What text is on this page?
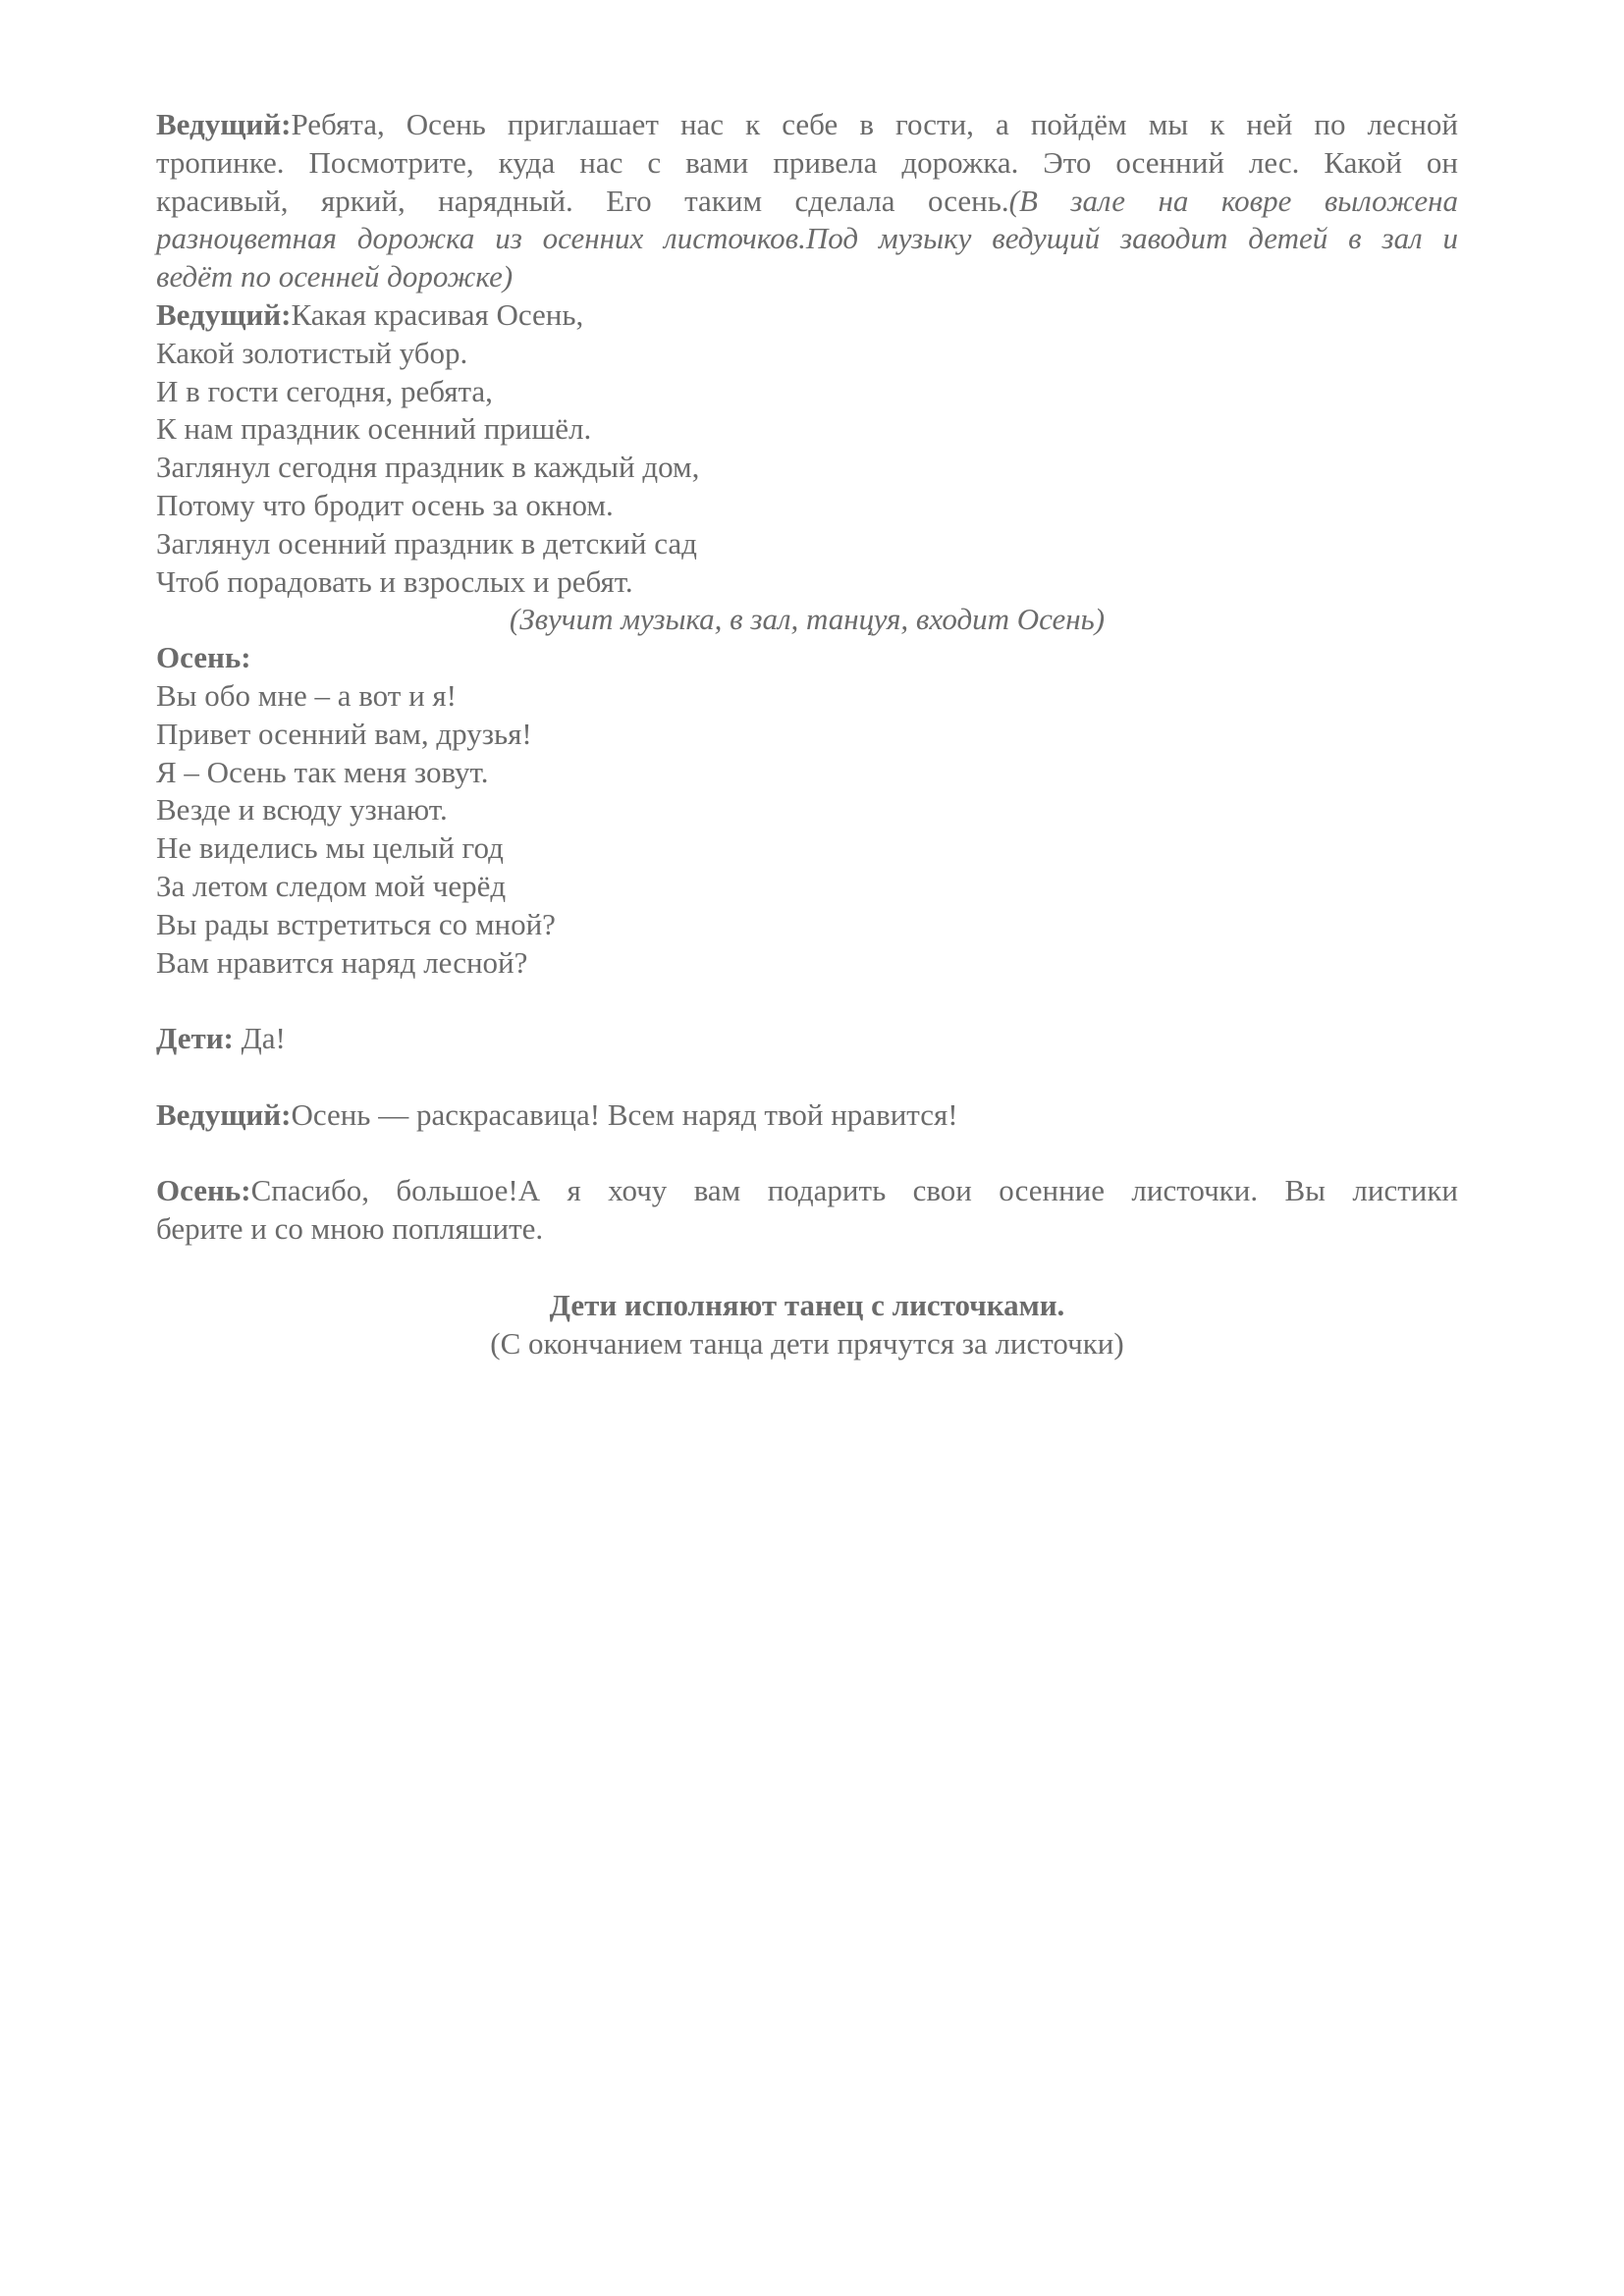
Ведущий:Ребята, Осень приглашает нас к себе в гости, а пойдём мы к ней по лесной
тропинке. Посмотрите, куда нас с вами привела дорожка. Это осенний лес. Какой он
красивый, яркий, нарядный. Его таким сделала осень.(В зале на ковре выложена
разноцветная дорожка из осенних листочков.Под музыку ведущий заводит детей в зал и
ведёт по осенней дорожке)
Ведущий:Какая красивая Осень,
Какой золотистый убор.
И в гости сегодня, ребята,
К нам праздник осенний пришёл.
Заглянул сегодня праздник в каждый дом,
Потому что бродит осень за окном.
Заглянул осенний праздник в детский сад
Чтоб порадовать и взрослых и ребят.
(Звучит музыка, в зал, танцуя, входит Осень)
Осень:
Вы обо мне – а вот и я!
Привет осенний вам, друзья!
Я – Осень так меня зовут.
Везде и всюду узнают.
Не виделись мы целый год
За летом следом мой черёд
Вы рады встретиться со мной?
Вам нравится наряд лесной?
Дети: Да!
Ведущий:Осень — раскрасавица! Всем наряд твой нравится!
Осень:Спасибо, большое!А я хочу вам подарить свои осенние листочки. Вы листики
берите и со мною попляшите.
Дети исполняют танец с листочками.
(С окончанием танца дети прячутся за листочки)
